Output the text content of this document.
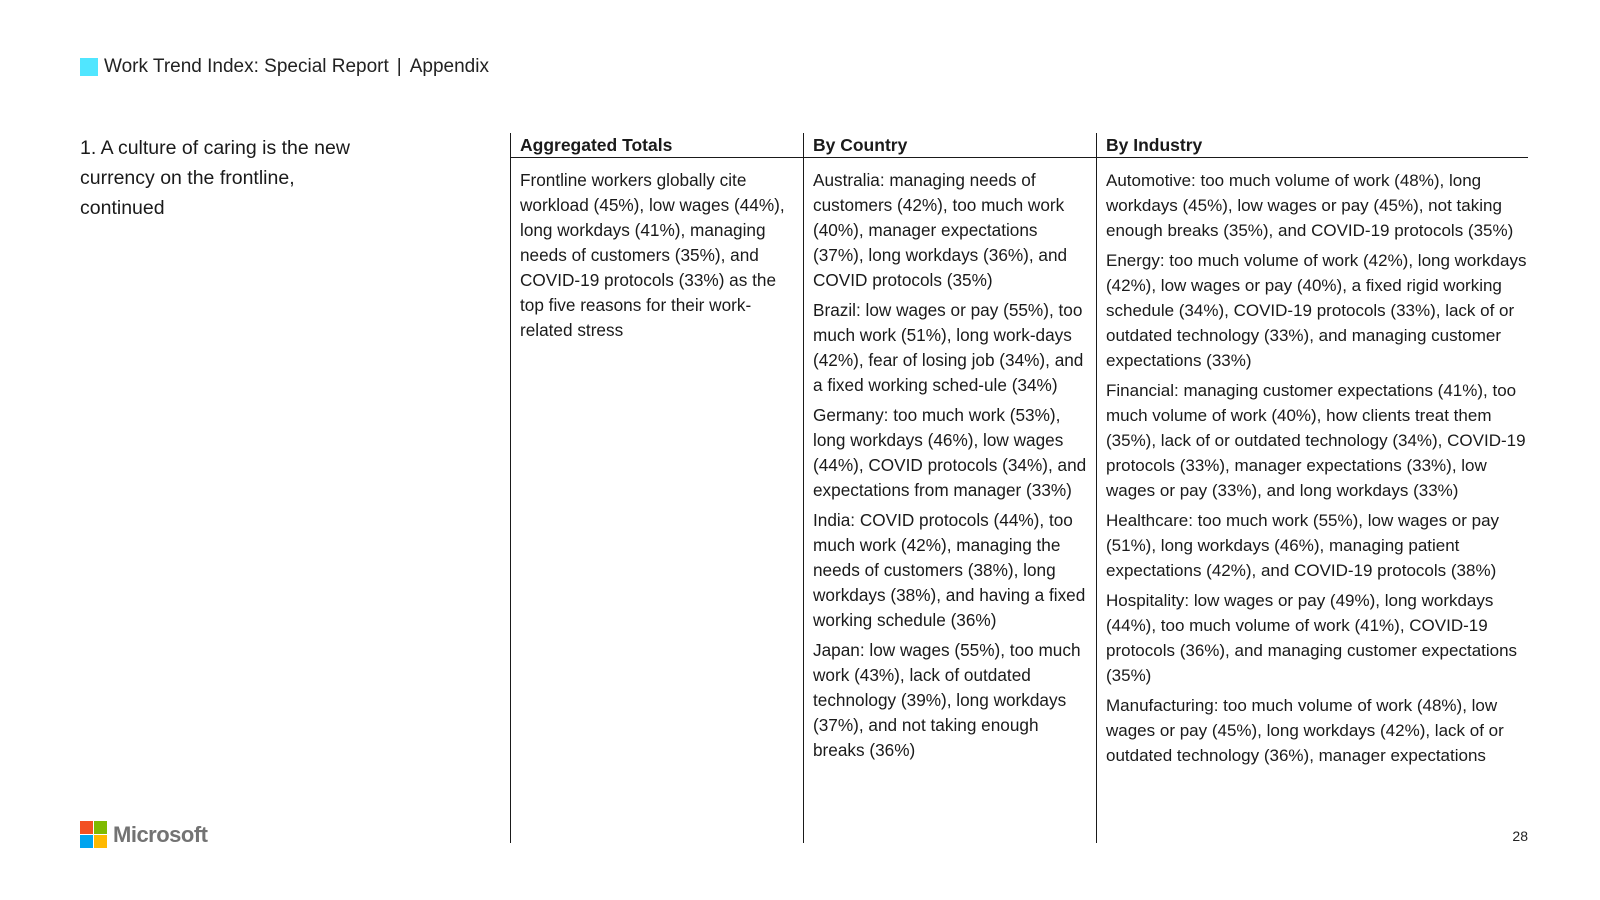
Work Trend Index: Special Report | Appendix
1. A culture of caring is the new currency on the frontline, continued
Aggregated Totals

Frontline workers globally cite workload (45%), low wages (44%), long workdays (41%), managing needs of customers (35%), and COVID-19 protocols (33%) as the top five reasons for their work-related stress

By Country

Australia: managing needs of customers (42%), too much work (40%), manager expectations (37%), long workdays (36%), and COVID protocols (35%)

Brazil: low wages or pay (55%), too much work (51%), long work-days (42%), fear of losing job (34%), and a fixed working sched-ule (34%)

Germany: too much work (53%), long workdays (46%), low wages (44%), COVID protocols (34%), and expectations from manager (33%)

India: COVID protocols (44%), too much work (42%), managing the needs of customers (38%), long workdays (38%), and having a fixed working schedule (36%)

Japan: low wages (55%), too much work (43%), lack of outdated technology (39%), long workdays (37%), and not taking enough breaks (36%)

By Industry

Automotive: too much volume of work (48%), long workdays (45%), low wages or pay (45%), not taking enough breaks (35%), and COVID-19 protocols (35%)

Energy: too much volume of work (42%), long workdays (42%), low wages or pay (40%), a fixed rigid working schedule (34%), COVID-19 protocols (33%), lack of or outdated technology (33%), and managing customer expectations (33%)

Financial: managing customer expectations (41%), too much volume of work (40%), how clients treat them (35%), lack of or outdated technology (34%), COVID-19 protocols (33%), manager expectations (33%), low wages or pay (33%), and long workdays (33%)

Healthcare: too much work (55%), low wages or pay (51%), long workdays (46%), managing patient expectations (42%), and COVID-19 protocols (38%)

Hospitality: low wages or pay (49%), long workdays (44%), too much volume of work (41%), COVID-19 protocols (36%), and managing customer expectations (35%)

Manufacturing: too much volume of work (48%), low wages or pay (45%), long workdays (42%), lack of or outdated technology (36%), manager expectations

Microsoft	28
